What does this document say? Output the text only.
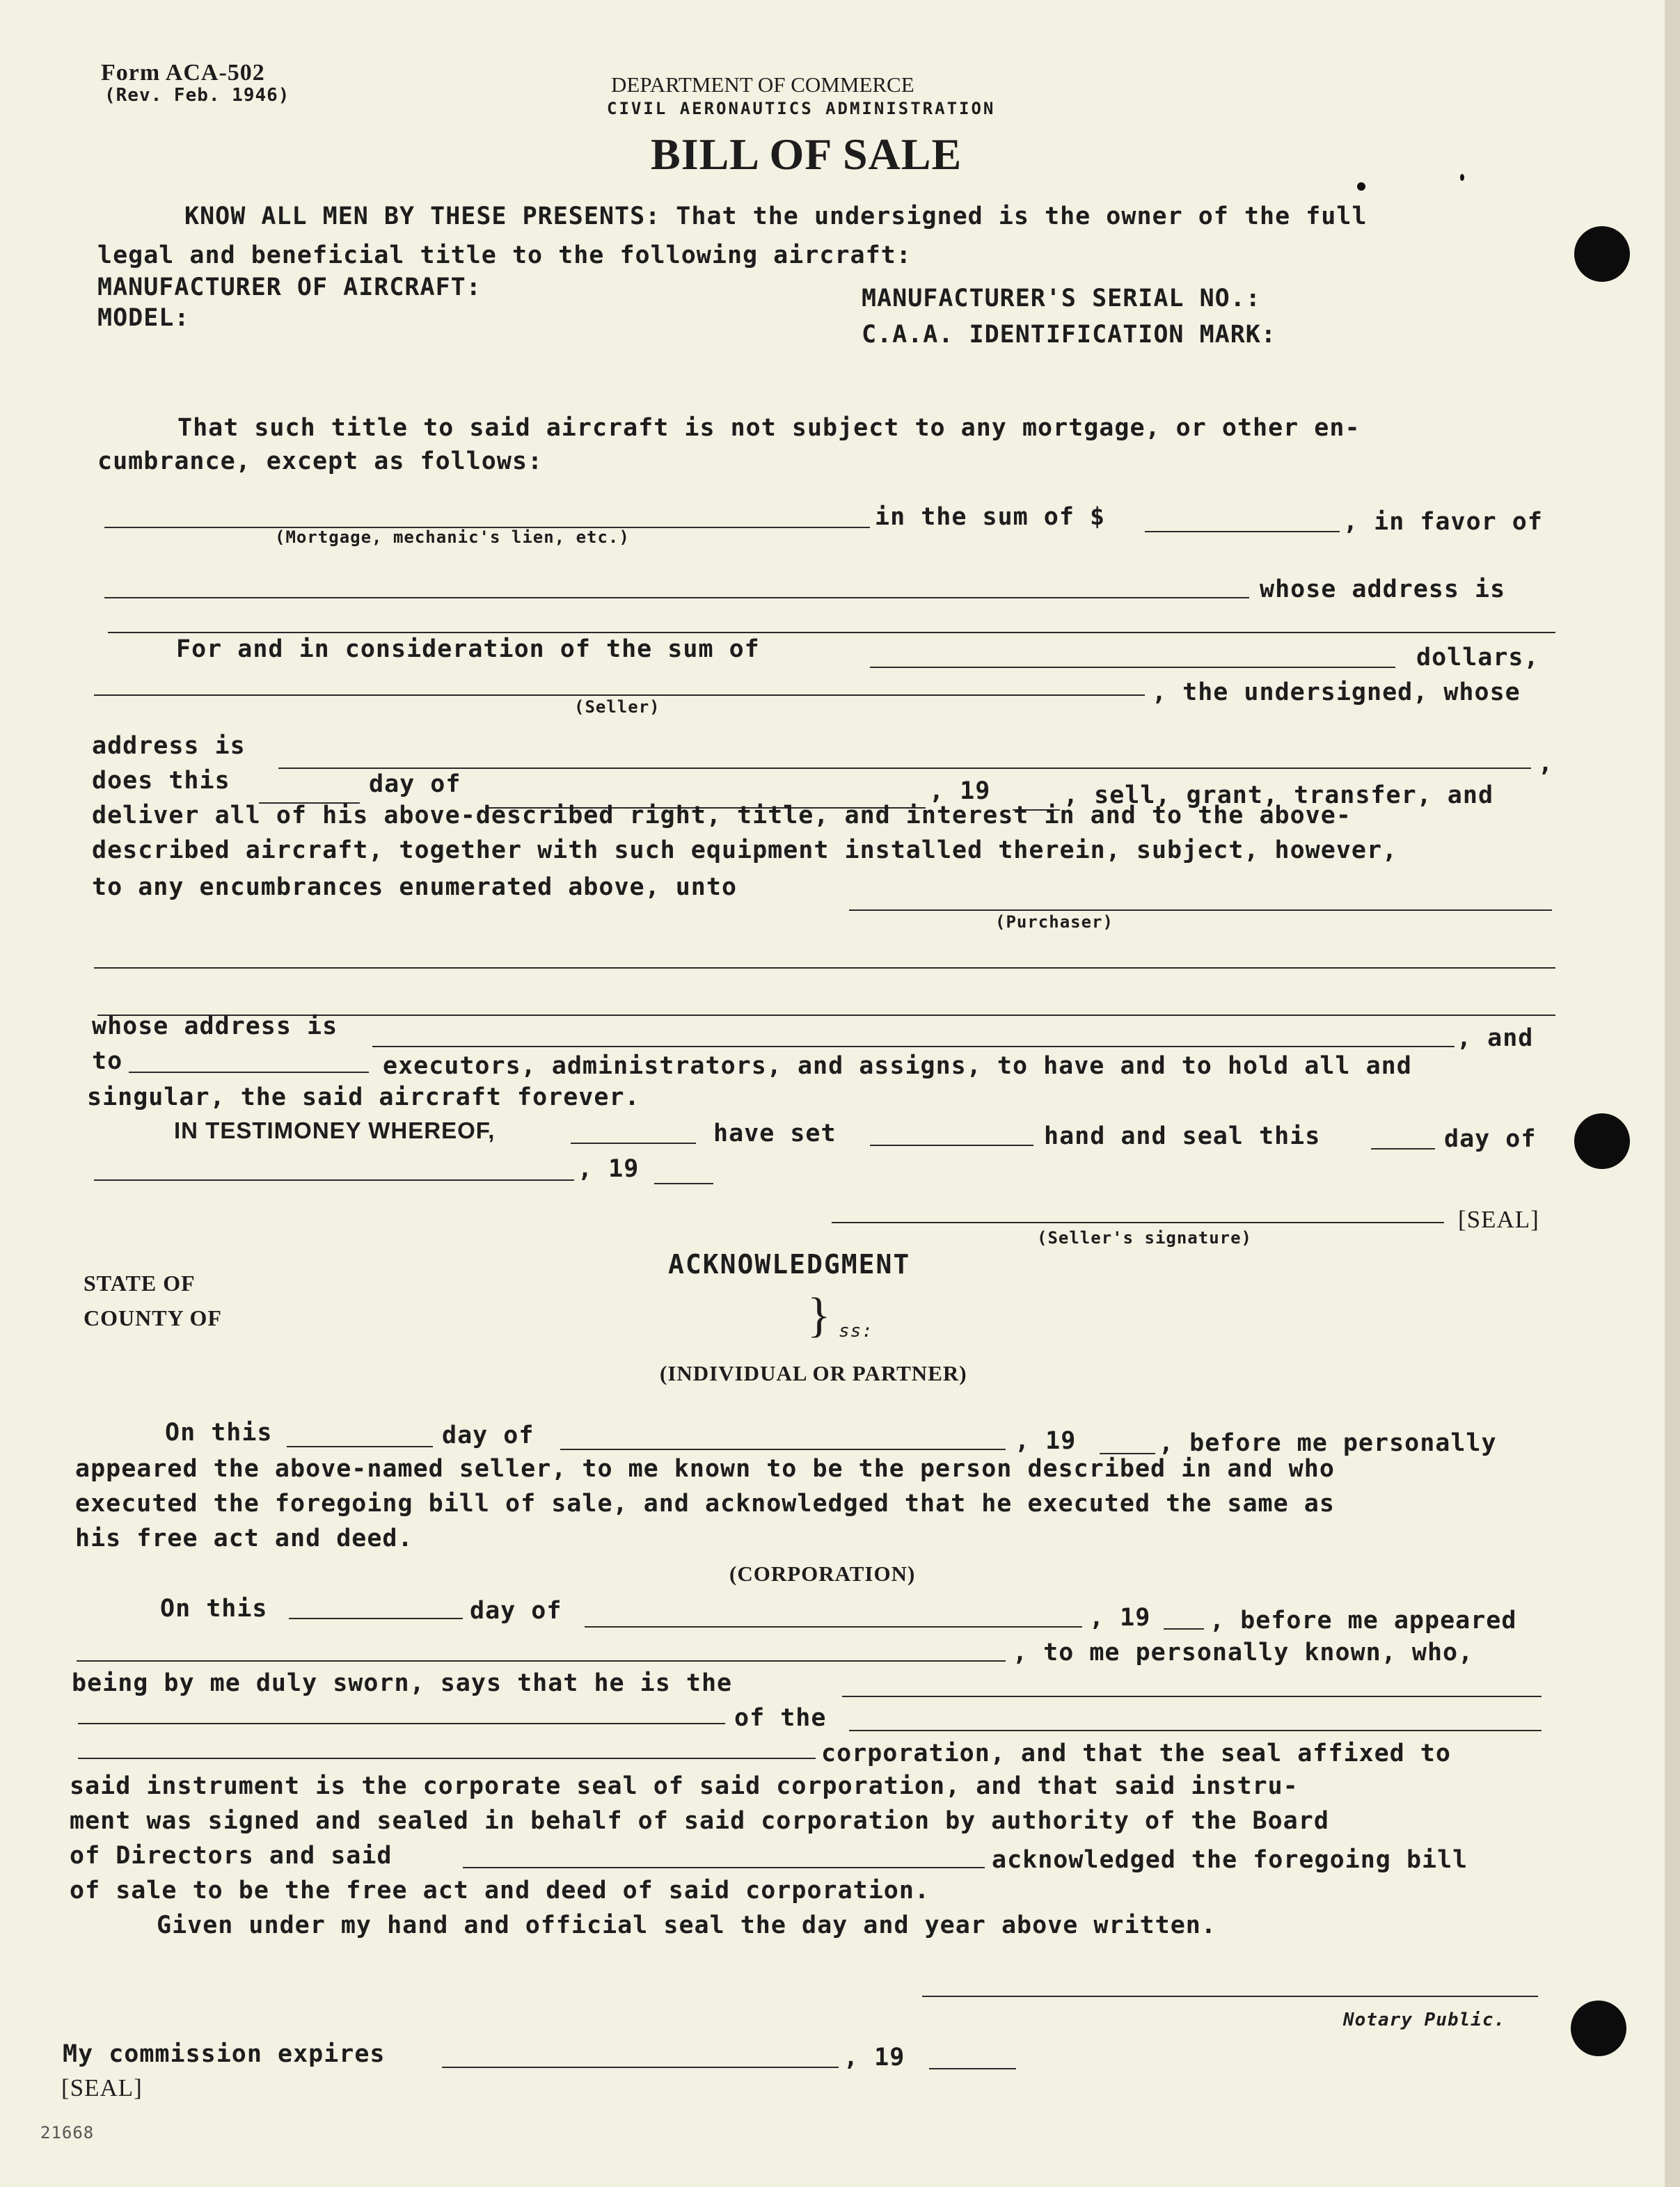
Form ACA-502
(Rev. Feb. 1946)	DEPARTMENT OF COMMERCE
CIVIL AERONAUTICS ADMINISTRATION
BILL OF SALE
KNOW ALL MEN BY THESE PRESENTS: That the undersigned is the owner of the full
legal and beneficial title to the following aircraft:
MANUFACTURER OF AIRCRAFT:	MANUFACTURER'S SERIAL NO.:
MODEL:
C.A.A. IDENTIFICATION MARK:
That such title to said aircraft is not subject to any mortgage, or other en-
cumbrance, except as follows:
(Mortgage, mechanic's lien, etc.)
in the sum of $	, in favor of
whose address is
For and in consideration of the sum of	dollars,
(Seller)
, the undersigned, whose
address is
,
does this	day of	, 19	, sell, grant, transfer, and
deliver all of his above-described right, title, and interest in and to the above-
described aircraft, together with such equipment installed therein, subject, however,
to any encumbrances enumerated above, unto
(Purchaser)
whose address is	, and
to	executors, administrators, and assigns, to have and to hold all and
singular, the said aircraft forever.
IN TESTIMONEY WHEREOF,	have set	hand and seal this	day of
, 19
[SEAL]
(Seller's signature)
ACKNOWLEDGMENT
STATE OF
COUNTY OF	} ss:
(INDIVIDUAL OR PARTNER)
On this	day of	, 19	, before me personally
appeared the above-named seller, to me known to be the person described in and who
executed the foregoing bill of sale, and acknowledged that he executed the same as
his free act and deed.
(CORPORATION)
On this	day of	, 19 , before me appeared
, to me personally known, who,
being by me duly sworn, says that he is the
of the
corporation, and that the seal affixed to
said instrument is the corporate seal of said corporation, and that said instru-
ment was signed and sealed in behalf of said corporation by authority of the Board
of Directors and said	acknowledged the foregoing bill
of sale to be the free act and deed of said corporation.
Given under my hand and official seal the day and year above written.
Notary Public.
My commission expires	, 19
[SEAL]
21668
